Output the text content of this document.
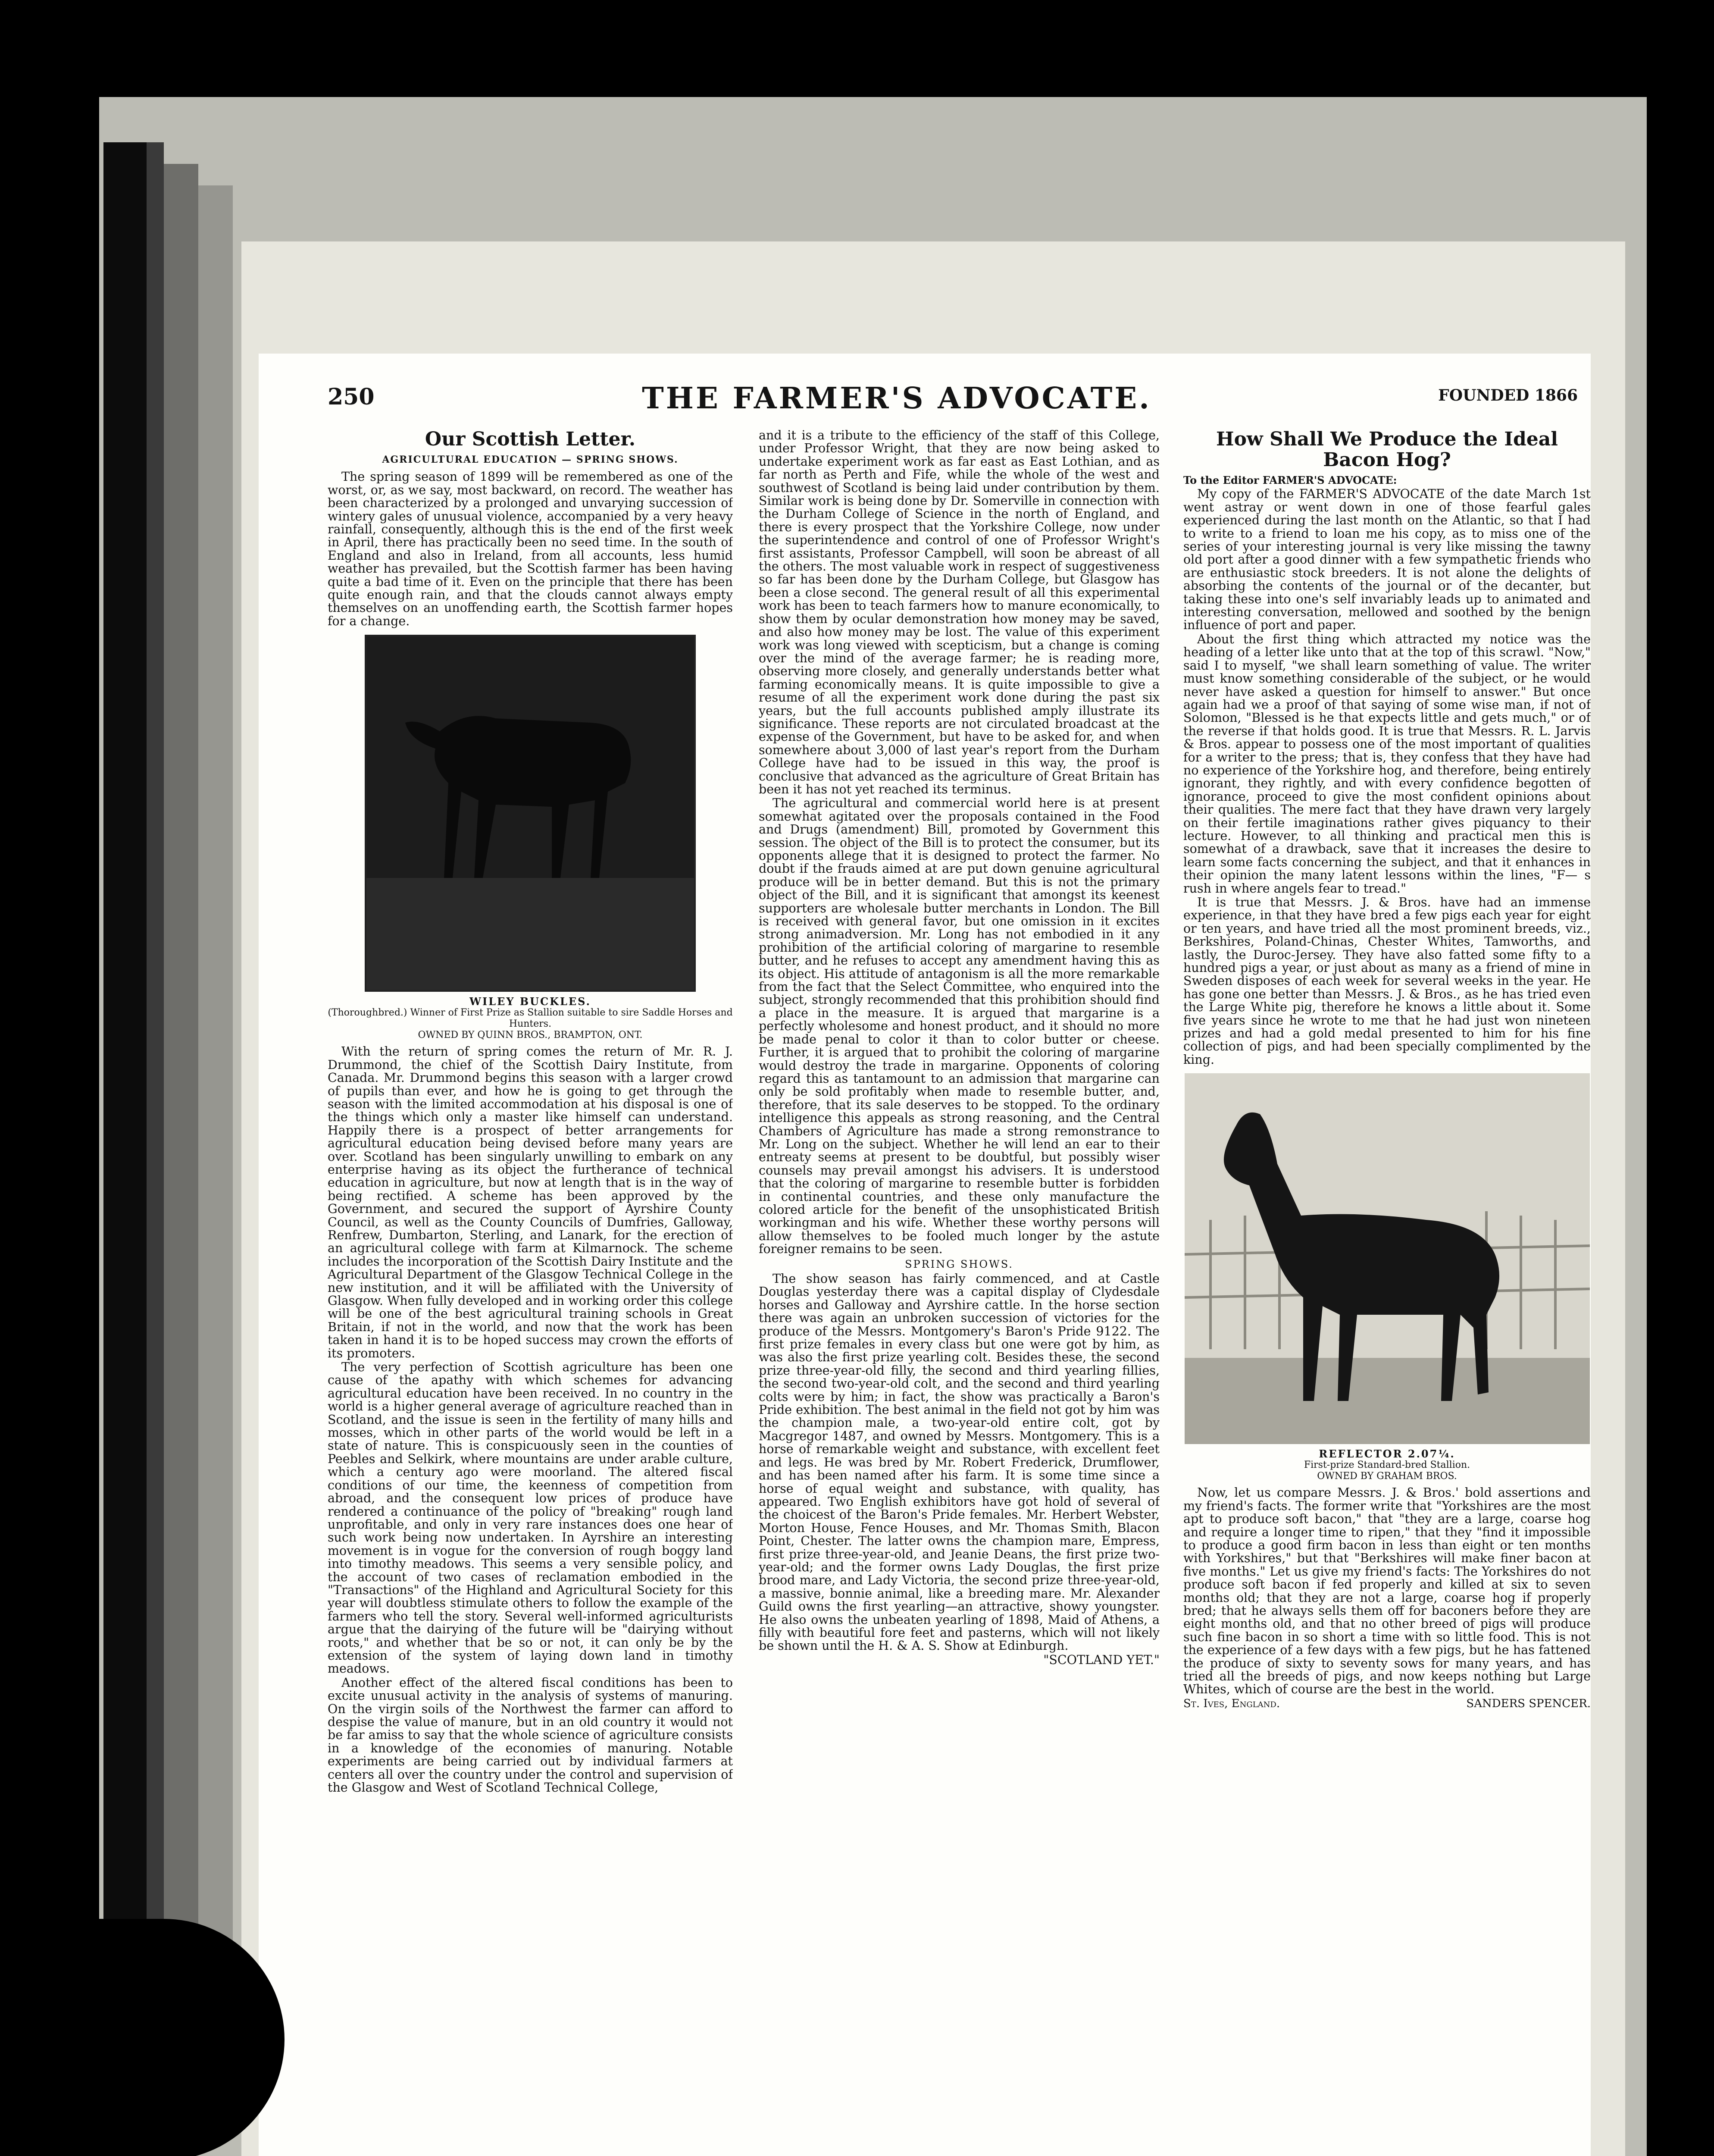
250	THE FARMER'S ADVOCATE.	FOUNDED 1866
Our Scottish Letter.
AGRICULTURAL EDUCATION — SPRING SHOWS.

The spring season of 1899 will be remembered as one of the worst, or, as we say, most backward, on record. The weather has been characterized by a prolonged and unvarying succession of wintery gales of unusual violence, accompanied by a very heavy rainfall, consequently, although this is the end of the first week in April, there has practically been no seed time. In the south of England and also in Ireland, from all accounts, less humid weather has prevailed, but the Scottish farmer has been having quite a bad time of it. Even on the principle that there has been quite enough rain, and that the clouds cannot always empty themselves on an unoffending earth, the Scottish farmer hopes for a change.

WILEY BUCKLES.
(Thoroughbred.) Winner of First Prize as Stallion suitable to sire Saddle Horses and Hunters.
OWNED BY QUINN BROS., BRAMPTON, ONT.

With the return of spring comes the return of Mr. R. J. Drummond, the chief of the Scottish Dairy Institute, from Canada. Mr. Drummond begins this season with a larger crowd of pupils than ever, and how he is going to get through the season with the limited accommodation at his disposal is one of the things which only a master like himself can understand. Happily there is a prospect of better arrangements for agricultural education being devised before many years are over. Scotland has been singularly unwilling to embark on any enterprise having as its object the furtherance of technical education in agriculture, but now at length that is in the way of being rectified. A scheme has been approved by the Government, and secured the support of Ayrshire County Council, as well as the County Councils of Dumfries, Galloway, Renfrew, Dumbarton, Sterling, and Lanark, for the erection of an agricultural college with farm at Kilmarnock. The scheme includes the incorporation of the Scottish Dairy Institute and the Agricultural Department of the Glasgow Technical College in the new institution, and it will be affiliated with the University of Glasgow. When fully developed and in working order this college will be one of the best agricultural training schools in Great Britain, if not in the world, and now that the work has been taken in hand it is to be hoped success may crown the efforts of its promoters.

The very perfection of Scottish agriculture has been one cause of the apathy with which schemes for advancing agricultural education have been received. In no country in the world is a higher general average of agriculture reached than in Scotland, and the issue is seen in the fertility of many hills and mosses, which in other parts of the world would be left in a state of nature. This is conspicuously seen in the counties of Peebles and Selkirk, where mountains are under arable culture, which a century ago were moorland. The altered fiscal conditions of our time, the keenness of competition from abroad, and the consequent low prices of produce have rendered a continuance of the policy of "breaking" rough land unprofitable, and only in very rare instances does one hear of such work being now undertaken. In Ayrshire an interesting movement is in vogue for the conversion of rough boggy land into timothy meadows. This seems a very sensible policy, and the account of two cases of reclamation embodied in the "Transactions" of the Highland and Agricultural Society for this year will doubtless stimulate others to follow the example of the farmers who tell the story. Several well-informed agriculturists argue that the dairying of the future will be "dairying without roots," and whether that be so or not, it can only be by the extension of the system of laying down land in timothy meadows.

Another effect of the altered fiscal conditions has been to excite unusual activity in the analysis of systems of manuring. On the virgin soils of the Northwest the farmer can afford to despise the value of manure, but in an old country it would not be far amiss to say that the whole science of agriculture consists in a knowledge of the economies of manuring. Notable experiments are being carried out by individual farmers at centers all over the country under the control and supervision of the Glasgow and West of Scotland Technical College,

and it is a tribute to the efficiency of the staff of this College, under Professor Wright, that they are now being asked to undertake experiment work as far east as East Lothian, and as far north as Perth and Fife, while the whole of the west and southwest of Scotland is being laid under contribution by them. Similar work is being done by Dr. Somerville in connection with the Durham College of Science in the north of England, and there is every prospect that the Yorkshire College, now under the superintendence and control of one of Professor Wright's first assistants, Professor Campbell, will soon be abreast of all the others. The most valuable work in respect of suggestiveness so far has been done by the Durham College, but Glasgow has been a close second. The general result of all this experimental work has been to teach farmers how to manure economically, to show them by ocular demonstration how money may be saved, and also how money may be lost. The value of this experiment work was long viewed with scepticism, but a change is coming over the mind of the average farmer; he is reading more, observing more closely, and generally understands better what farming economically means. It is quite impossible to give a resume of all the experiment work done during the past six years, but the full accounts published amply illustrate its significance. These reports are not circulated broadcast at the expense of the Government, but have to be asked for, and when somewhere about 3,000 of last year's report from the Durham College have had to be issued in this way, the proof is conclusive that advanced as the agriculture of Great Britain has been it has not yet reached its terminus.

The agricultural and commercial world here is at present somewhat agitated over the proposals contained in the Food and Drugs (amendment) Bill, promoted by Government this session. The object of the Bill is to protect the consumer, but its opponents allege that it is designed to protect the farmer. No doubt if the frauds aimed at are put down genuine agricultural produce will be in better demand. But this is not the primary object of the Bill, and it is significant that amongst its keenest supporters are wholesale butter merchants in London. The Bill is received with general favor, but one omission in it excites strong animadversion. Mr. Long has not embodied in it any prohibition of the artificial coloring of margarine to resemble butter, and he refuses to accept any amendment having this as its object. His attitude of antagonism is all the more remarkable from the fact that the Select Committee, who enquired into the subject, strongly recommended that this prohibition should find a place in the measure. It is argued that margarine is a perfectly wholesome and honest product, and it should no more be made penal to color it than to color butter or cheese. Further, it is argued that to prohibit the coloring of margarine would destroy the trade in margarine. Opponents of coloring regard this as tantamount to an admission that margarine can only be sold profitably when made to resemble butter, and, therefore, that its sale deserves to be stopped. To the ordinary intelligence this appeals as strong reasoning, and the Central Chambers of Agriculture has made a strong remonstrance to Mr. Long on the subject. Whether he will lend an ear to their entreaty seems at present to be doubtful, but possibly wiser counsels may prevail amongst his advisers. It is understood that the coloring of margarine to resemble butter is forbidden in continental countries, and these only manufacture the colored article for the benefit of the unsophisticated British workingman and his wife. Whether these worthy persons will allow themselves to be fooled much longer by the astute foreigner remains to be seen.

SPRING SHOWS.

The show season has fairly commenced, and at Castle Douglas yesterday there was a capital display of Clydesdale horses and Galloway and Ayrshire cattle. In the horse section there was again an unbroken succession of victories for the produce of the Messrs. Montgomery's Baron's Pride 9122. The first prize females in every class but one were got by him, as was also the first prize yearling colt. Besides these, the second prize three-year-old filly, the second and third yearling fillies, the second two-year-old colt, and the second and third yearling colts were by him; in fact, the show was practically a Baron's Pride exhibition. The best animal in the field not got by him was the champion male, a two-year-old entire colt, got by Macgregor 1487, and owned by Messrs. Montgomery. This is a horse of remarkable weight and substance, with excellent feet and legs. He was bred by Mr. Robert Frederick, Drumflower, and has been named after his farm. It is some time since a horse of equal weight and substance, with quality, has appeared. Two English exhibitors have got hold of several of the choicest of the Baron's Pride females. Mr. Herbert Webster, Morton House, Fence Houses, and Mr. Thomas Smith, Blacon Point, Chester. The latter owns the champion mare, Empress, first prize three-year-old, and Jeanie Deans, the first prize two-year-old; and the former owns Lady Douglas, the first prize brood mare, and Lady Victoria, the second prize three-year-old, a massive, bonnie animal, like a breeding mare. Mr. Alexander Guild owns the first yearling—an attractive, showy youngster. He also owns the unbeaten yearling of 1898, Maid of Athens, a filly with beautiful fore feet and pasterns, which will not likely be shown until the H. & A. S. Show at Edinburgh.

"SCOTLAND YET."
How Shall We Produce the Ideal Bacon Hog?

To the Editor FARMER'S ADVOCATE:

My copy of the FARMER'S ADVOCATE of the date March 1st went astray or went down in one of those fearful gales experienced during the last month on the Atlantic, so that I had to write to a friend to loan me his copy, as to miss one of the series of your interesting journal is very like missing the tawny old port after a good dinner with a few sympathetic friends who are enthusiastic stock breeders. It is not alone the delights of absorbing the contents of the journal or of the decanter, but taking these into one's self invariably leads up to animated and interesting conversation, mellowed and soothed by the benign influence of port and paper.

About the first thing which attracted my notice was the heading of a letter like unto that at the top of this scrawl. "Now," said I to myself, "we shall learn something of value. The writer must know something considerable of the subject, or he would never have asked a question for himself to answer." But once again had we a proof of that saying of some wise man, if not of Solomon, "Blessed is he that expects little and gets much," or of the reverse if that holds good. It is true that Messrs. R. L. Jarvis & Bros. appear to possess one of the most important of qualities for a writer to the press; that is, they confess that they have had no experience of the Yorkshire hog, and therefore, being entirely ignorant, they rightly, and with every confidence begotten of ignorance, proceed to give the most confident opinions about their qualities. The mere fact that they have drawn very largely on their fertile imaginations rather gives piquancy to their lecture. However, to all thinking and practical men this is somewhat of a drawback, save that it increases the desire to learn some facts concerning the subject, and that it enhances in their opinion the many latent lessons within the lines, "F— s rush in where angels fear to tread."

It is true that Messrs. J. & Bros. have had an immense experience, in that they have bred a few pigs each year for eight or ten years, and have tried all the most prominent breeds, viz., Berkshires, Poland-Chinas, Chester Whites, Tamworths, and lastly, the Duroc-Jersey. They have also fatted some fifty to a hundred pigs a year, or just about as many as a friend of mine in Sweden disposes of each week for several weeks in the year. He has gone one better than Messrs. J. & Bros., as he has tried even the Large White pig, therefore he knows a little about it. Some five years since he wrote to me that he had just won nineteen prizes and had a gold medal presented to him for his fine collection of pigs, and had been specially complimented by the king.

REFLECTOR 2.07¼.
First-prize Standard-bred Stallion.
OWNED BY GRAHAM BROS.

Now, let us compare Messrs. J. & Bros.' bold assertions and my friend's facts. The former write that "Yorkshires are the most apt to produce soft bacon," that "they are a large, coarse hog and require a longer time to ripen," that they "find it impossible to produce a good firm bacon in less than eight or ten months with Yorkshires," but that "Berkshires will make finer bacon at five months." Let us give my friend's facts: The Yorkshires do not produce soft bacon if fed properly and killed at six to seven months old; that they are not a large, coarse hog if properly bred; that he always sells them off for baconers before they are eight months old, and that no other breed of pigs will produce such fine bacon in so short a time with so little food. This is not the experience of a few days with a few pigs, but he has fattened the produce of sixty to seventy sows for many years, and has tried all the breeds of pigs, and now keeps nothing but Large Whites, which of course are the best in the world.

St. Ives, England.	SANDERS SPENCER.
